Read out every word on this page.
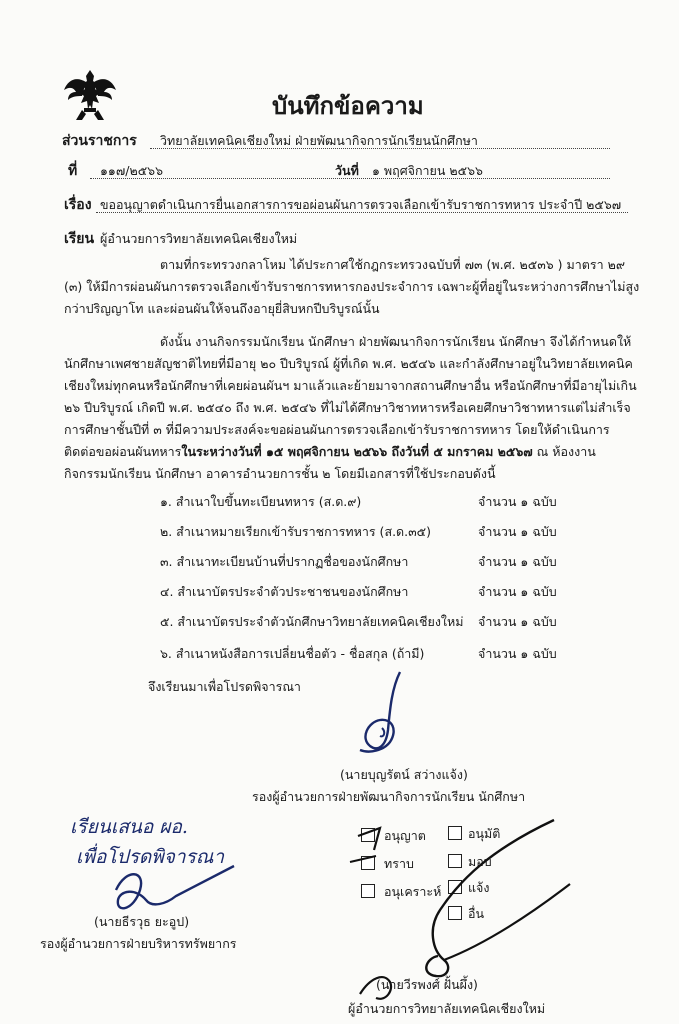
บันทึกข้อความ
ส่วนราชการ วิทยาลัยเทคนิคเชียงใหม่ ฝ่ายพัฒนากิจการนักเรียนนักศึกษา
ที่ ๑๑๗/๒๕๖๖	วันที่ ๑ พฤศจิกายน ๒๕๖๖
เรื่อง ขออนุญาตดำเนินการยื่นเอกสารการขอผ่อนผันการตรวจเลือกเข้ารับราชการทหาร ประจำปี ๒๕๖๗
เรียน ผู้อำนวยการวิทยาลัยเทคนิคเชียงใหม่
ตามที่กระทรวงกลาโหม ได้ประกาศใช้กฎกระทรวงฉบับที่ ๗๓ (พ.ศ. ๒๕๓๖ ) มาตรา ๒๙
(๓) ให้มีการผ่อนผันการตรวจเลือกเข้ารับราชการทหารกองประจำการ เฉพาะผู้ที่อยู่ในระหว่างการศึกษาไม่สูง
กว่าปริญญาโท และผ่อนผันให้จนถึงอายุยี่สิบหกปีบริบูรณ์นั้น
ดังนั้น งานกิจกรรมนักเรียน นักศึกษา ฝ่ายพัฒนากิจการนักเรียน นักศึกษา จึงได้กำหนดให้
นักศึกษาเพศชายสัญชาติไทยที่มีอายุ ๒๐ ปีบริบูรณ์ ผู้ที่เกิด พ.ศ. ๒๕๔๖ และกำลังศึกษาอยู่ในวิทยาลัยเทคนิค
เชียงใหม่ทุกคนหรือนักศึกษาที่เคยผ่อนผันฯ มาแล้วและย้ายมาจากสถานศึกษาอื่น หรือนักศึกษาที่มีอายุไม่เกิน
๒๖ ปีบริบูรณ์ เกิดปี พ.ศ. ๒๕๔๐ ถึง พ.ศ. ๒๕๔๖ ที่ไม่ได้ศึกษาวิชาทหารหรือเคยศึกษาวิชาทหารแต่ไม่สำเร็จ
การศึกษาชั้นปีที่ ๓ ที่มีความประสงค์จะขอผ่อนผันการตรวจเลือกเข้ารับราชการทหาร โดยให้ดำเนินการ
ติดต่อขอผ่อนผันทหารในระหว่างวันที่ ๑๕ พฤศจิกายน ๒๕๖๖ ถึงวันที่ ๕ มกราคม ๒๕๖๗ ณ ห้องงาน
กิจกรรมนักเรียน นักศึกษา อาคารอำนวยการชั้น ๒ โดยมีเอกสารที่ใช้ประกอบดังนี้
๑. สำเนาใบขึ้นทะเบียนทหาร (ส.ด.๙)	จำนวน ๑ ฉบับ
๒. สำเนาหมายเรียกเข้ารับราชการทหาร (ส.ด.๓๕)	จำนวน ๑ ฉบับ
๓. สำเนาทะเบียนบ้านที่ปรากฏชื่อของนักศึกษา	จำนวน ๑ ฉบับ
๔. สำเนาบัตรประจำตัวประชาชนของนักศึกษา	จำนวน ๑ ฉบับ
๕. สำเนาบัตรประจำตัวนักศึกษาวิทยาลัยเทคนิคเชียงใหม่ จำนวน ๑ ฉบับ
๖. สำเนาหนังสือการเปลี่ยนชื่อตัว - ชื่อสกุล (ถ้ามี)	จำนวน ๑ ฉบับ
จึงเรียนมาเพื่อโปรดพิจารณา
(นายบุญรัตน์ สว่างแจ้ง)
รองผู้อำนวยการฝ่ายพัฒนากิจการนักเรียน นักศึกษา
เรียนเสนอ ผอ.
เพื่อโปรดพิจารณา
(นายธีรวุธ ยะอูป)
รองผู้อำนวยการฝ่ายบริหารทรัพยากร
อนุญาต
ทราบ
อนุเคราะห์
อนุมัติ
มอบ
แจ้ง
อื่น
(นายวีรพงศ์ ฝั้นผึ้ง)
ผู้อำนวยการวิทยาลัยเทคนิคเชียงใหม่
